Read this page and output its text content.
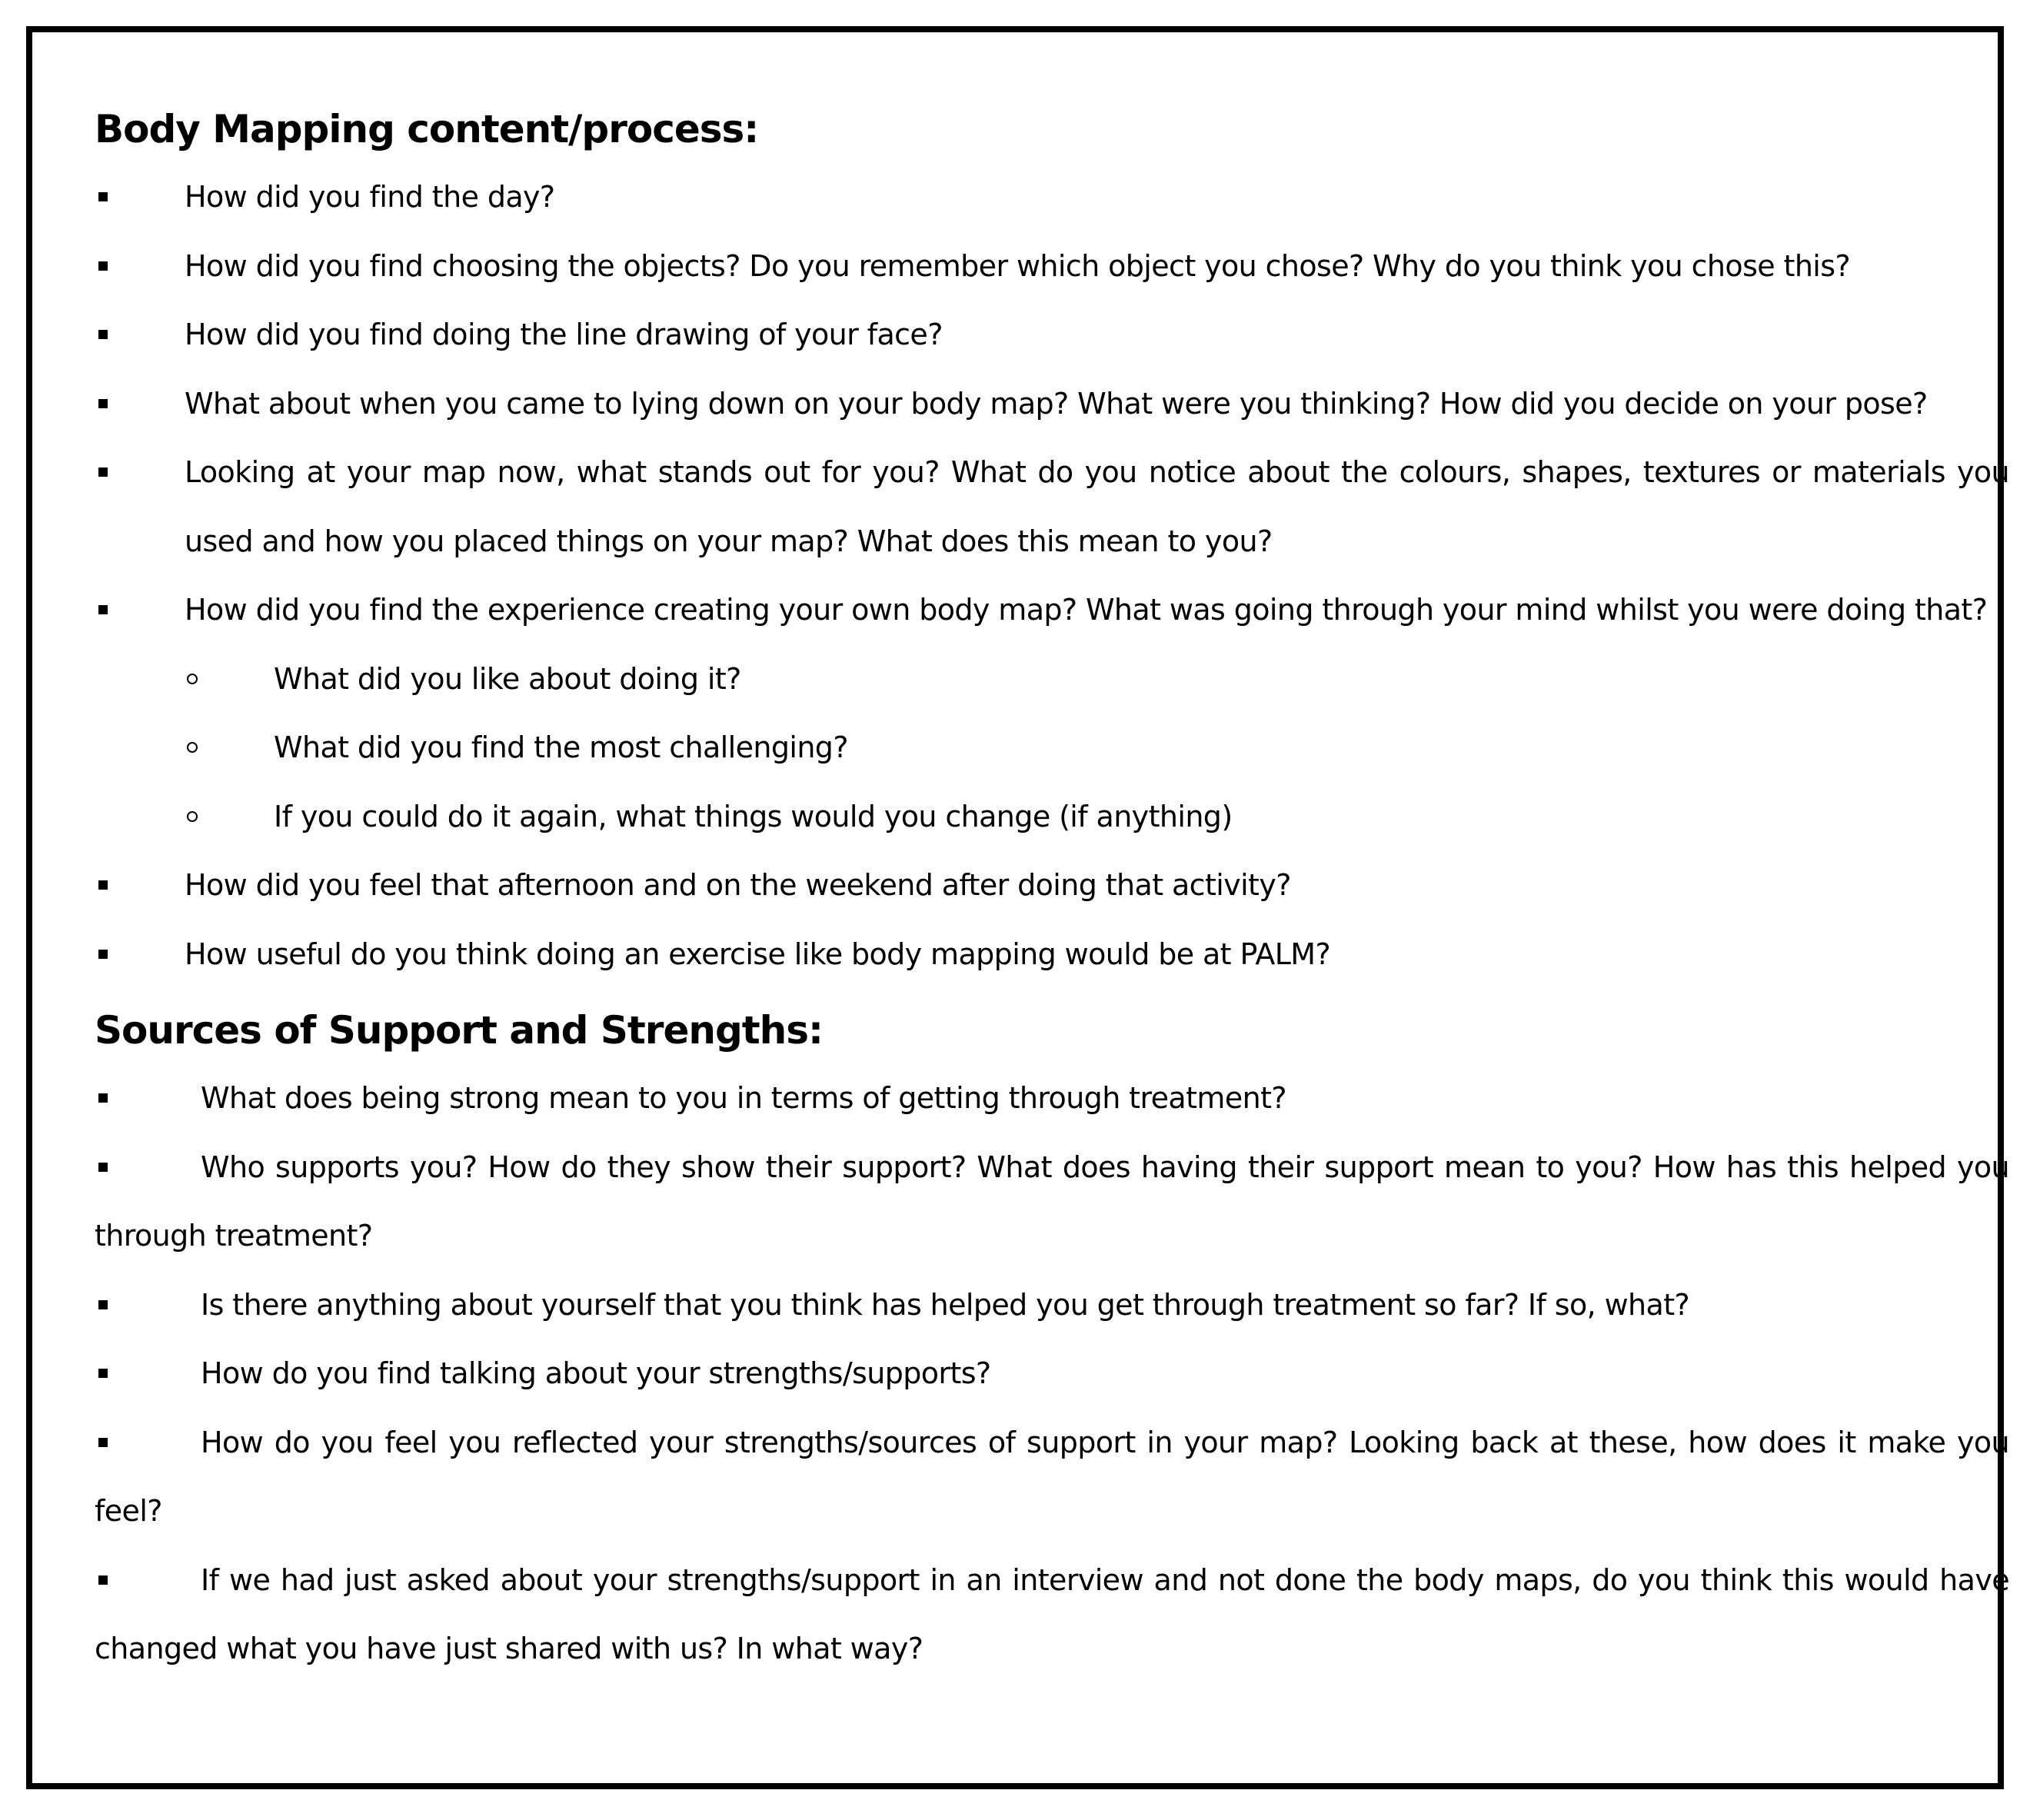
Body Mapping content/process:
How did you find the day?
How did you find choosing the objects? Do you remember which object you chose? Why do you think you chose this?
How did you find doing the line drawing of your face?
What about when you came to lying down on your body map? What were you thinking? How did you decide on your pose?
Looking at your map now, what stands out for you? What do you notice about the colours, shapes, textures or materials you used and how you placed things on your map? What does this mean to you?
How did you find the experience creating your own body map? What was going through your mind whilst you were doing that?
What did you like about doing it?
What did you find the most challenging?
If you could do it again, what things would you change (if anything)
How did you feel that afternoon and on the weekend after doing that activity?
How useful do you think doing an exercise like body mapping would be at PALM?
Sources of Support and Strengths:
What does being strong mean to you in terms of getting through treatment?
Who supports you? How do they show their support? What does having their support mean to you? How has this helped you through treatment?
Is there anything about yourself that you think has helped you get through treatment so far? If so, what?
How do you find talking about your strengths/supports?
How do you feel you reflected your strengths/sources of support in your map? Looking back at these, how does it make you feel?
If we had just asked about your strengths/support in an interview and not done the body maps, do you think this would have changed what you have just shared with us? In what way?
